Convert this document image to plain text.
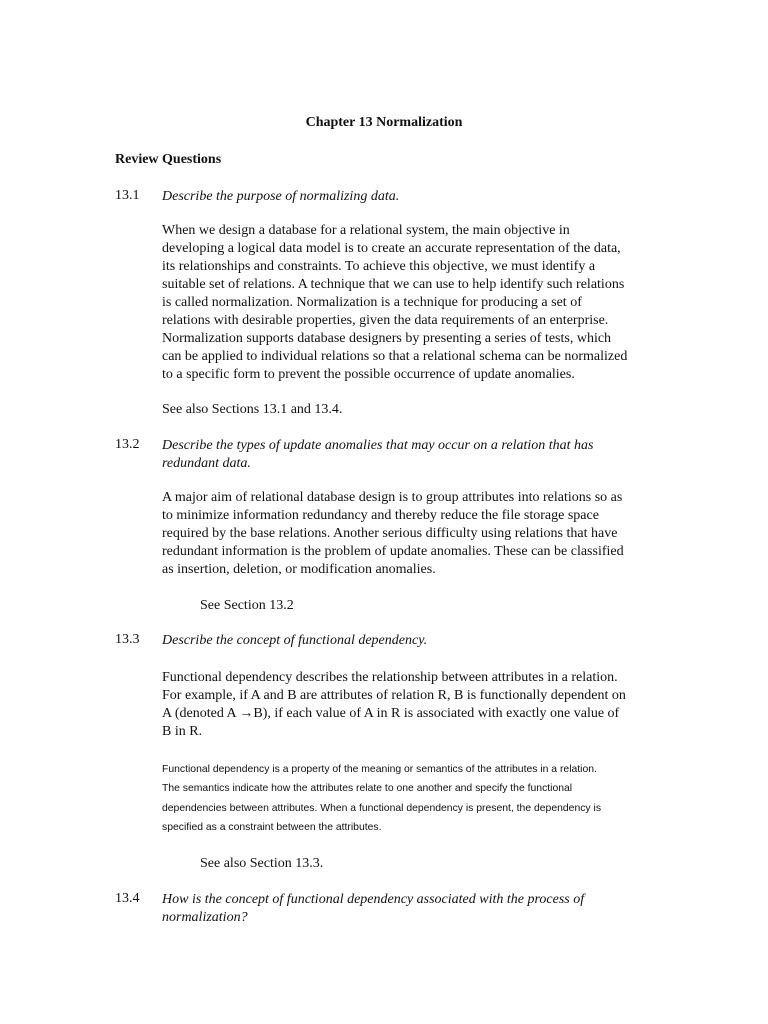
Chapter 13 Normalization
Review Questions
13.1 Describe the purpose of normalizing data.

When we design a database for a relational system, the main objective in

developing a logical data model is to create an accurate representation of the data,

its relationships and constraints. To achieve this objective, we must identify a

suitable set of relations. A technique that we can use to help identify such relations

is called normalization. Normalization is a technique for producing a set of

relations with desirable properties, given the data requirements of an enterprise.

Normalization supports database designers by presenting a series of tests, which

can be applied to individual relations so that a relational schema can be normalized

to a specific form to prevent the possible occurrence of update anomalies.

See also Sections 13.1 and 13.4.
13.2 Describe the types of update anomalies that may occur on a relation that has
redundant data.

A major aim of relational database design is to group attributes into relations so as

to minimize information redundancy and thereby reduce the file storage space

required by the base relations. Another serious difficulty using relations that have

redundant information is the problem of update anomalies. These can be classified

as insertion, deletion, or modification anomalies.

See Section 13.2
13.3 Describe the concept of functional dependency.

Functional dependency describes the relationship between attributes in a relation.

For example, if A and B are attributes of relation R, B is functionally dependent on

A (denoted A →B), if each value of A in R is associated with exactly one value of

B in R.

Functional dependency is a property of the meaning or semantics of the attributes in a relation.
The semantics indicate how the attributes relate to one another and specify the functional
dependencies between attributes. When a functional dependency is present, the dependency is
specified as a constraint between the attributes.
See also Section 13.3.
13.4 How is the concept of functional dependency associated with the process of
normalization?
